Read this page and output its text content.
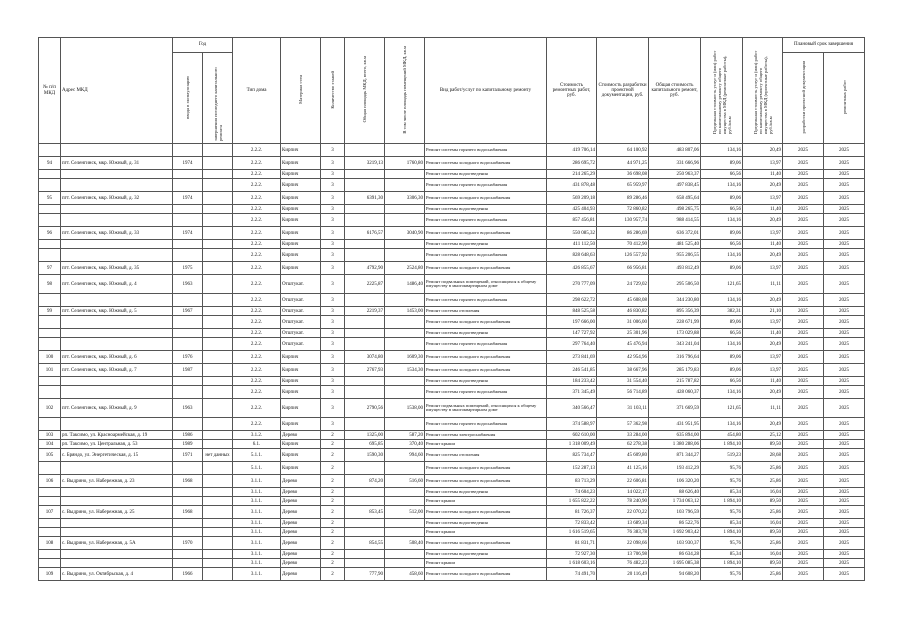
№ п/п МКД	Адрес МКД	Год		Тип дома	Материал стен	Количество этажей	Общая площадь МКД, всего, кв.м	В том числе площадь помещений МКД, кв.м	Вид работ/услуг по капитальному ремонту	Стоимость ремонтных работ, руб.	Стоимость разработки проектной документации, руб.	Общая стоимость капитального ремонт, руб.	Предельная стоимость услуг и (или) работ по капитальному ремонту общего имущества в МКД (ремонтные работы), руб./кв.м	Предельная стоимость услуг и (или) работ по капитальному ремонту общего имущества в МКД (проектные работы), руб./кв.м	Плановый срок завершения	
		ввода в эксплуатацию	завершения последнего капитального ремонта												разработки проектной документации	ремонтных работ
				2.2.2.	Кирпич	3			Ремонт системы горячего водоснабжения	419 706,14	64 100,92	483 807,06	134,16	20,49	2025	2025
94	пгт. Селенгинск, мкр. Южный, д. 31	1974		2.2.2.	Кирпич	3	3219,13	1760,80	Ремонт системы холодного водоснабжения	286 695,72	44 971,25	331 666,96	89,06	13,97	2025	2025
				2.2.2.	Кирпич	3			Ремонт системы водоотведения	214 265,29	36 698,08	250 963,37	66,56	11,40	2025	2025
				2.2.2.	Кирпич	3			Ремонт системы горячего водоснабжения	431 878,48	65 959,97	497 838,45	134,16	20,49	2025	2025
95	пгт. Селенгинск, мкр. Южный, д. 32	1974		2.2.2.	Кирпич	3	6391,30	3306,30	Ремонт системы холодного водоснабжения	569 209,18	89 286,46	658 495,64	89,06	13,97	2025	2025
				2.2.2.	Кирпич	3			Ремонт системы водоотведения	425 404,93	72 860,82	498 265,75	66,56	11,40	2025	2025
				2.2.2.	Кирпич	3			Ремонт системы горячего водоснабжения	857 456,81	130 957,74	988 414,55	134,16	20,49	2025	2025
96	пгт. Селенгинск, мкр. Южный, д. 33	1974		2.2.2.	Кирпич	3	6176,57	3040,90	Ремонт системы холодного водоснабжения	550 085,32	86 286,69	636 372,01	89,06	13,97	2025	2025
				2.2.2.	Кирпич	3			Ремонт системы водоотведения	411 112,50	70 412,90	481 525,40	66,56	11,40	2025	2025
				2.2.2.	Кирпич	3			Ремонт системы горячего водоснабжения	828 648,63	126 557,92	955 206,55	134,16	20,49	2025	2025
97	пгт. Селенгинск, мкр. Южный, д. 35	1975		2.2.2.	Кирпич	3	4792,90	2524,80	Ремонт системы холодного водоснабжения	426 855,67	66 956,81	493 812,49	89,06	13,97	2025	2025
98	пгт. Селенгинск, мкр. Южный, д. 4	1963		2.2.2.	Отштукат.	3	2225,87	1486,40	Ремонт подвальных помещений, относящихся к общему имуществу в многоквартирном доме	270 777,09	24 729,02	295 506,50	121,65	11,11	2025	2025
				2.2.2.	Отштукат.	3			Ремонт системы горячего водоснабжения	298 622,72	45 608,08	344 230,80	134,16	20,49	2025	2025
99	пгт. Селенгинск, мкр. Южный, д. 5	1967		2.2.2.	Отштукат.	3	2219,37	1453,00	Ремонт системы отопления	848 525,58	46 830,82	895 356,39	382,31	21,10	2025	2025
				2.2.2.	Отштукат.	3			Ремонт системы холодного водоснабжения	197 666,00	31 006,00	228 671,99	89,06	13,97	2025	2025
				2.2.2.	Отштукат.	3			Ремонт системы водоотведения	147 727,92	25 301,96	173 029,88	66,56	11,40	2025	2025
				2.2.2.	Отштукат.	3			Ремонт системы горячего водоснабжения	297 764,40	45 476,94	343 241,04	134,16	20,49	2025	2025
100	пгт. Селенгинск, мкр. Южный, д. 6	1976		2.2.2.	Кирпич	3	3074,80	1609,30	Ремонт системы холодного водоснабжения	273 841,69	42 954,96	316 796,64	89,06	13,97	2025	2025
101	пгт. Селенгинск, мкр. Южный, д. 7	1987		2.2.2.	Кирпич	3	2767,93	1534,30	Ремонт системы холодного водоснабжения	246 541,85	38 667,96	285 179,83	89,06	13,97	2025	2025
				2.2.2.	Кирпич	3			Ремонт системы водоотведения	184 233,42	31 554,40	215 787,82	66,56	11,40	2025	2025
				2.2.2.	Кирпич	3			Ремонт системы горячего водоснабжения	371 345,49	56 714,89	428 060,37	134,16	20,49	2025	2025
102	пгт. Селенгинск, мкр. Южный, д. 9	1963		2.2.2.	Кирпич	3	2790,56	1538,00	Ремонт подвальных помещений, относящихся к общему имуществу в многоквартирном доме	340 566,47	31 103,11	371 669,59	121,65	11,11	2025	2025
				2.2.2.	Кирпич	3			Ремонт системы горячего водоснабжения	374 588,97	57 362,98	431 951,95	134,16	20,49	2025	2025
103	рп. Таксимо, ул. Красноармейская, д. 19	1986		3.1.2.	Дерево	2	1325,00	587,20	Ремонт системы электроснабжения	602 610,00	33 284,00	635 894,00	454,80	25,12	2025	2025
104	рп. Таксимо, ул. Центральная, д. 53	1989		6.1.	Кирпич	2	695,85	370,40	Ремонт крыши	1 318 009,49	62 278,38	1 380 288,06	1 894,10	89,50	2025	2025
105	с. Бряндо, ул. Энергетическая, д. 15	1971	нет данных	5.1.1.	Кирпич	2	1590,30	994,60	Ремонт системы отопления	825 734,47	45 609,80	871 344,27	519,23	28,68	2025	2025
				5.1.1.	Кирпич	2			Ремонт системы холодного водоснабжения	152 287,13	41 125,16	193 412,29	95,76	25,86	2025	2025
106	с. Выдрино, ул. Набережная, д. 23	1968		3.1.1.	Дерево	2	874,20	516,60	Ремонт системы холодного водоснабжения	83 713,29	22 606,81	106 320,20	95,76	25,86	2025	2025
				3.1.1.	Дерево	2			Ремонт системы водоотведения	74 604,23	14 022,17	88 626,40	85,34	16,04	2025	2025
				3.1.1.	Дерево	2			Ремонт крыши	1 655 822,22	78 240,90	1 734 063,12	1 894,10	89,50	2025	2025
107	с. Выдрино, ул. Набережная, д. 25	1968		3.1.1.	Дерево	2	853,45	512,00	Ремонт системы холодного водоснабжения	81 726,37	22 070,22	103 796,59	95,76	25,86	2025	2025
				3.1.1.	Дерево	2			Ремонт системы водоотведения	72 833,42	13 689,34	86 522,76	85,34	16,04	2025	2025
				3.1.1.	Дерево	2			Ремонт крыши	1 616 519,65	76 383,78	1 692 903,42	1 894,10	89,50	2025	2025
108	с. Выдрино, ул. Набережная, д. 5А	1970		3.1.1.	Дерево	2	854,55	508,40	Ремонт системы холодного водоснабжения	81 831,71	22 098,66	103 930,37	95,76	25,86	2025	2025
				3.1.1.	Дерево	2			Ремонт системы водоотведения	72 927,30	13 706,98	86 634,28	85,34	16,04	2025	2025
				3.1.1.	Дерево	2			Ремонт крыши	1 618 603,16	76 482,23	1 695 085,38	1 894,10	89,50	2025	2025
109	с. Выдрино, ул. Октябрьская, д. 4	1966		3.1.1.	Дерево	2	777,90	458,60	Ремонт системы холодного водоснабжения	74 491,70	20 116,49	94 608,20	95,76	25,86	2025	2025
